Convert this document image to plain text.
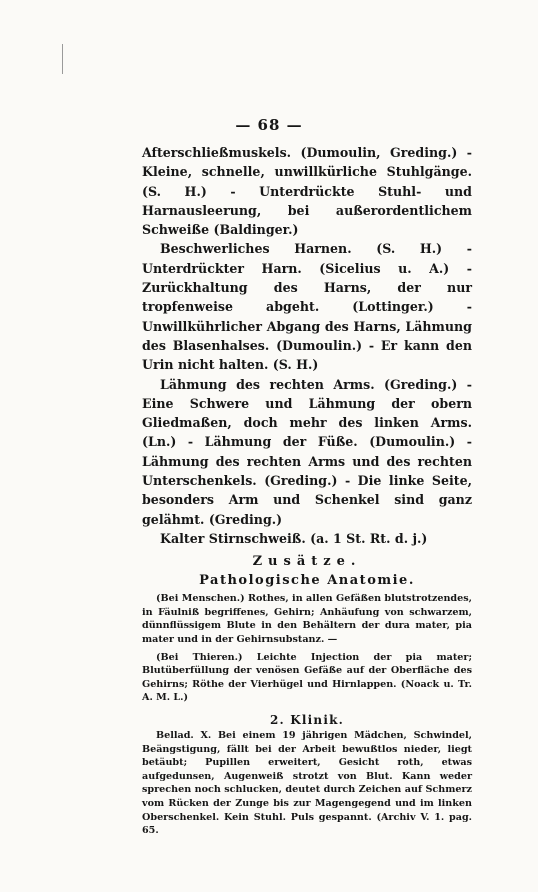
— 68 —

Afterschließmuskels. (Dumoulin, Greding.) - Kleine, schnelle, unwillkürliche Stuhlgänge. (S. H.) - Unterdrückte Stuhl- und Harnausleerung, bei außerordentlichem Schweiße (Baldinger.)

Beschwerliches Harnen. (S. H.) - Unterdrückter Harn. (Sicelius u. A.) - Zurückhaltung des Harns, der nur tropfenweise abgeht. (Lottinger.) - Unwillkührlicher Abgang des Harns, Lähmung des Blasenhalses. (Dumoulin.) - Er kann den Urin nicht halten. (S. H.)

Lähmung des rechten Arms. (Greding.) - Eine Schwere und Lähmung der obern Gliedmaßen, doch mehr des linken Arms. (Ln.) - Lähmung der Füße. (Dumoulin.) - Lähmung des rechten Arms und des rechten Unterschenkels. (Greding.) - Die linke Seite, besonders Arm und Schenkel sind ganz gelähmt. (Greding.)

Kalter Stirnschweiß. (a. 1 St. Rt. d. j.)

Zusätze.
Pathologische Anatomie.

(Bei Menschen.) Rothes, in allen Gefäßen blutstrotzendes, in Fäulniß begriffenes, Gehirn; Anhäufung von schwarzem, dünnflüssigem Blute in den Behältern der dura mater, pia mater und in der Gehirnsubstanz. —

(Bei Thieren.) Leichte Injection der pia mater; Blutüberfüllung der venösen Gefäße auf der Oberfläche des Gehirns; Röthe der Vierhügel und Hirnlappen. (Noack u. Tr. A. M. L.)

2. Klinik.

Bellad. X. Bei einem 19 jährigen Mädchen, Schwindel, Beängstigung, fällt bei der Arbeit bewußtlos nieder, liegt betäubt; Pupillen erweitert, Gesicht roth, etwas aufgedunsen, Augenweiß strotzt von Blut. Kann weder sprechen noch schlucken, deutet durch Zeichen auf Schmerz vom Rücken der Zunge bis zur Magengegend und im linken Oberschenkel. Kein Stuhl. Puls gespannt. (Archiv V. 1. pag. 65.
